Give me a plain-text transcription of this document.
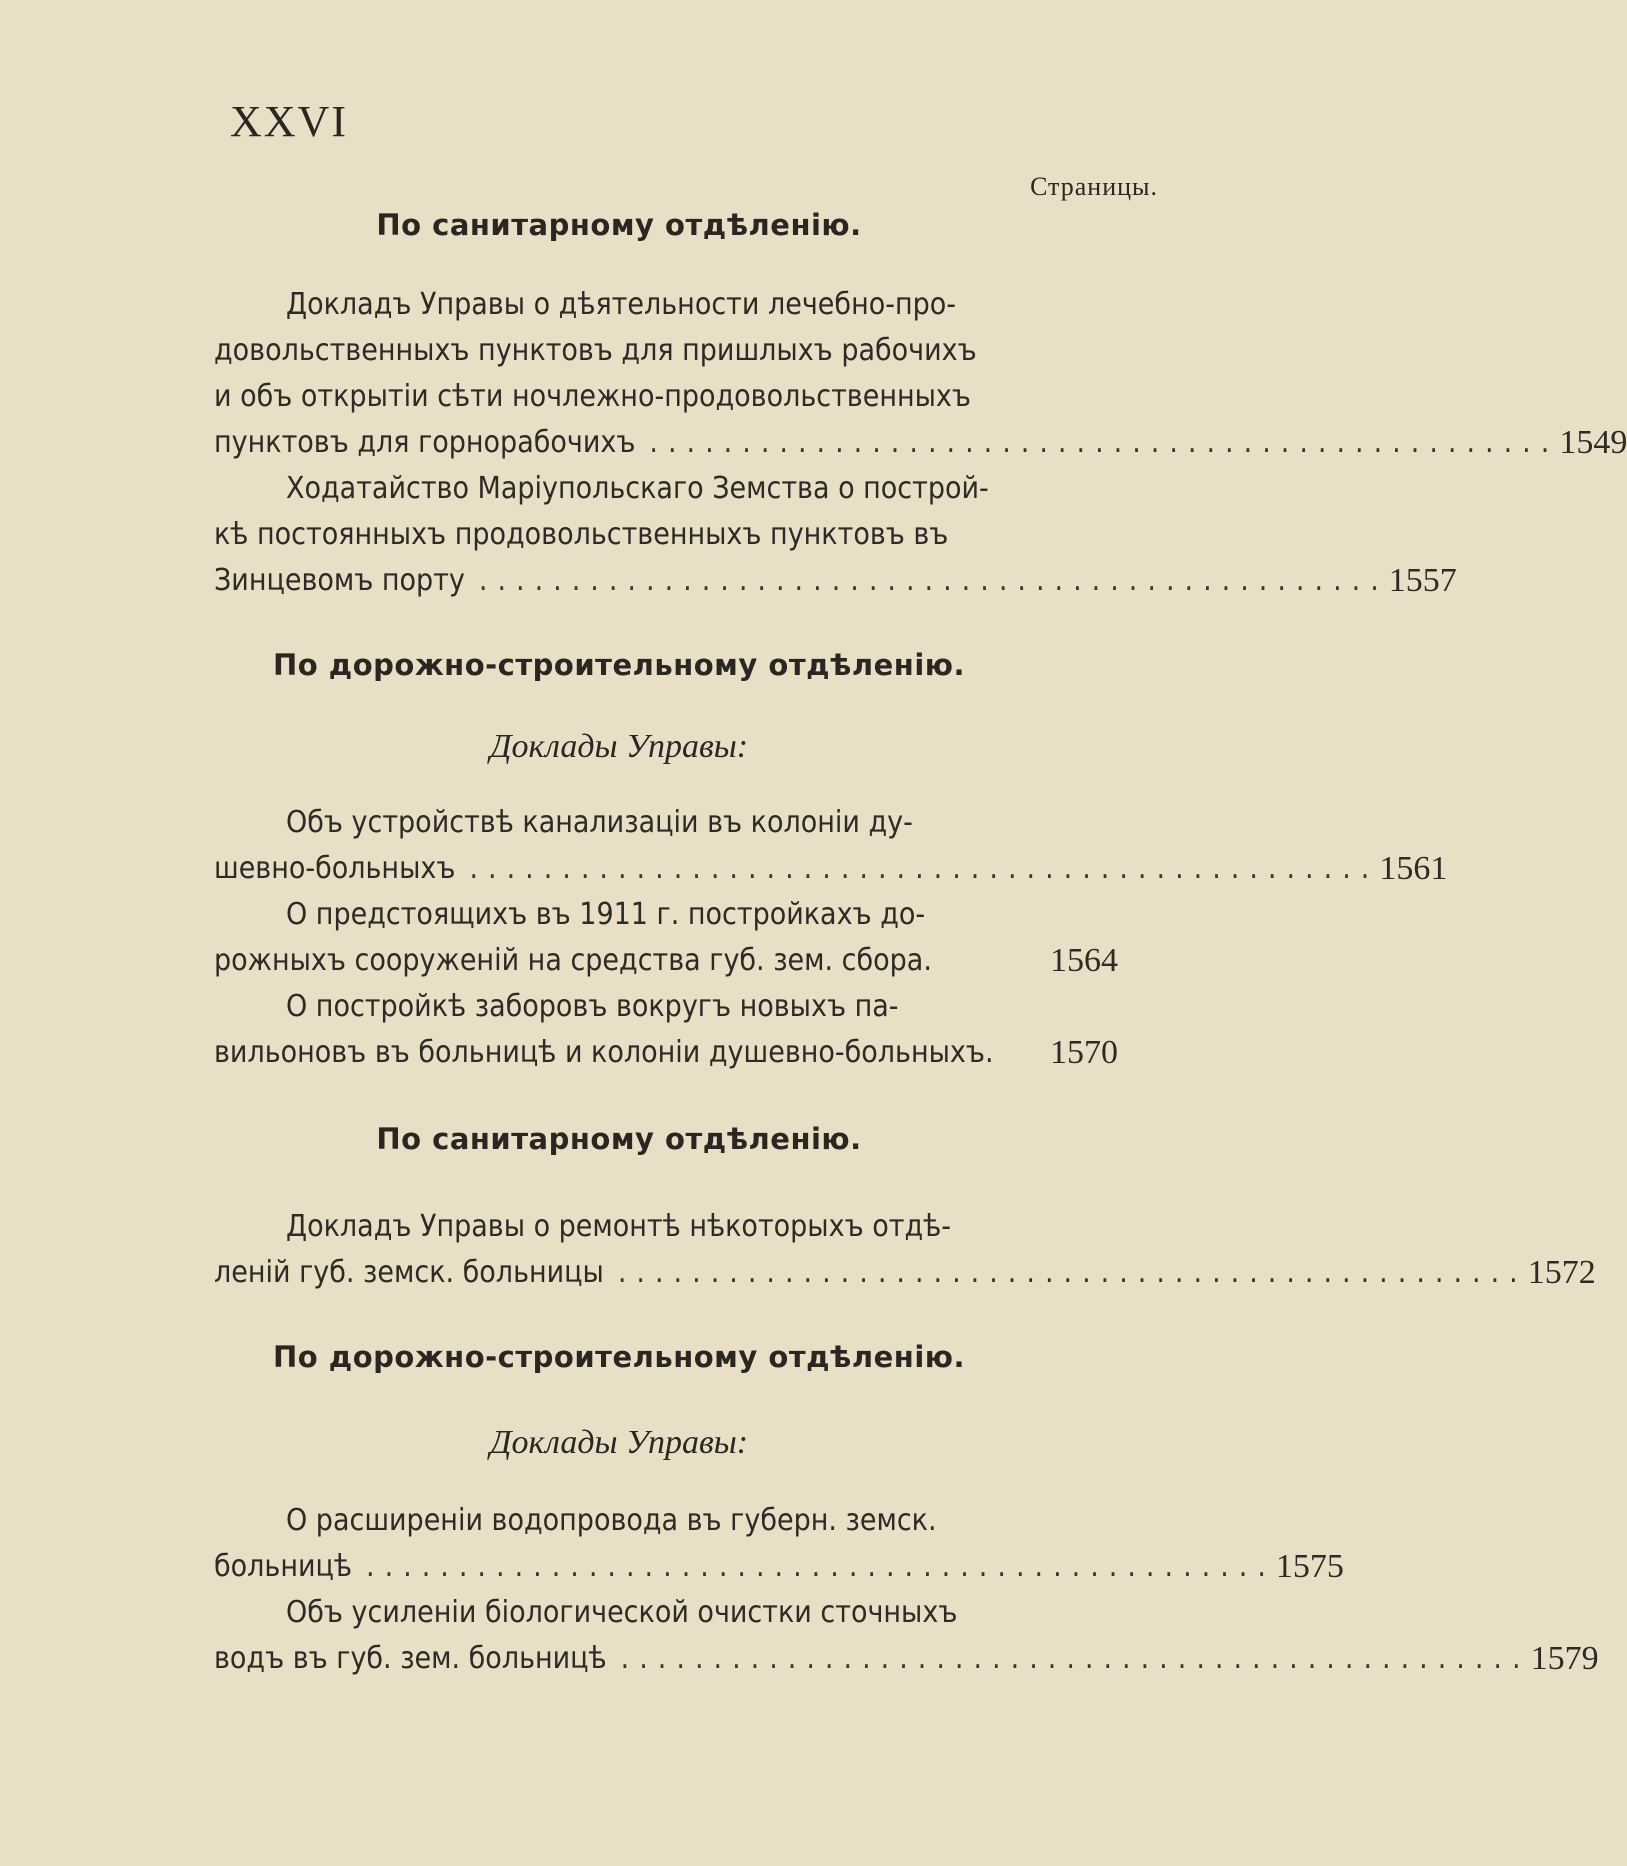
XXVI
Страницы.
По санитарному отдѣленію.
Докладъ Управы о дѣятельности лечебно-про-
довольственныхъ пунктовъ для пришлыхъ рабочихъ
и объ открытіи сѣти ночлежно-продовольственныхъ
пунктовъ для горнорабочихъ ................................................. 1549
Ходатайство Маріупольскаго Земства о построй-
кѣ постоянныхъ продовольственныхъ пунктовъ въ
Зинцевомъ порту ................................................. 1557
По дорожно-строительному отдѣленію.
Доклады Управы:
Объ устройствѣ канализаціи въ колоніи ду-
шевно-больныхъ ................................................. 1561
О предстоящихъ въ 1911 г. постройкахъ до-
рожныхъ сооруженій на средства губ. зем. сбора.	1564
О постройкѣ заборовъ вокругъ новыхъ па-
вильоновъ въ больницѣ и колоніи душевно-больныхъ.	1570
По санитарному отдѣленію.
Докладъ Управы о ремонтѣ нѣкоторыхъ отдѣ-
леній губ. земск. больницы ................................................. 1572
По дорожно-строительному отдѣленію.
Доклады Управы:
О расширеніи водопровода въ губерн. земск.
больницѣ ................................................. 1575
Объ усиленіи біологической очистки сточныхъ
водъ въ губ. зем. больницѣ ................................................. 1579
